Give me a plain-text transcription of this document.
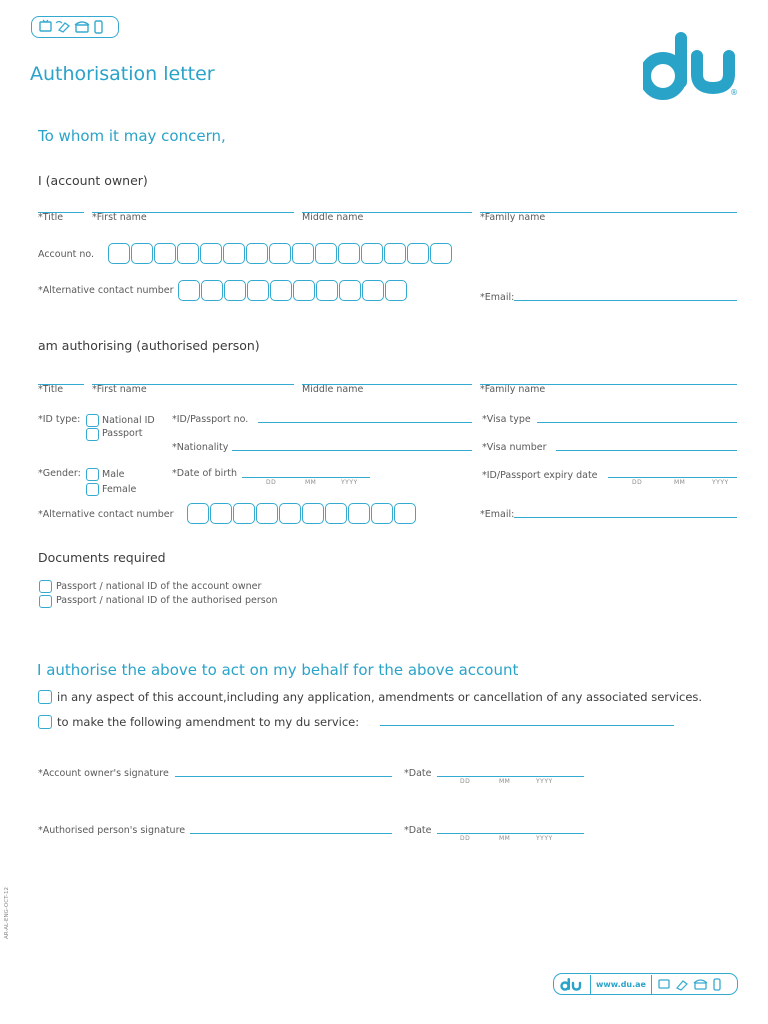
Authorisation letter
®
To whom it may concern,
I (account owner)
*Title	*First name	Middle name	*Family name
Account no.
*Alternative contact number
*Email:
am authorising (authorised person)
*Title	*First name	Middle name	*Family name
*ID type: National ID
Passport
*ID/Passport no.	*Visa type
*Nationality	*Visa number
*Gender: Male
Female
*Date of birth
DD	MM	YYYY
*ID/Passport expiry date
DD	MM	YYYY
*Alternative contact number	*Email:
Documents required
Passport / national ID of the account owner
Passport / national ID of the authorised person
I authorise the above to act on my behalf for the above account
in any aspect of this account,including any application, amendments or cancellation of any associated services.
to make the following amendment to my du service:
*Account owner's signature	*Date
DD	MM	YYYY
*Authorised person's signature	*Date
DD	MM	YYYY
AR-AL-ENG-OCT-12
www.du.ae
